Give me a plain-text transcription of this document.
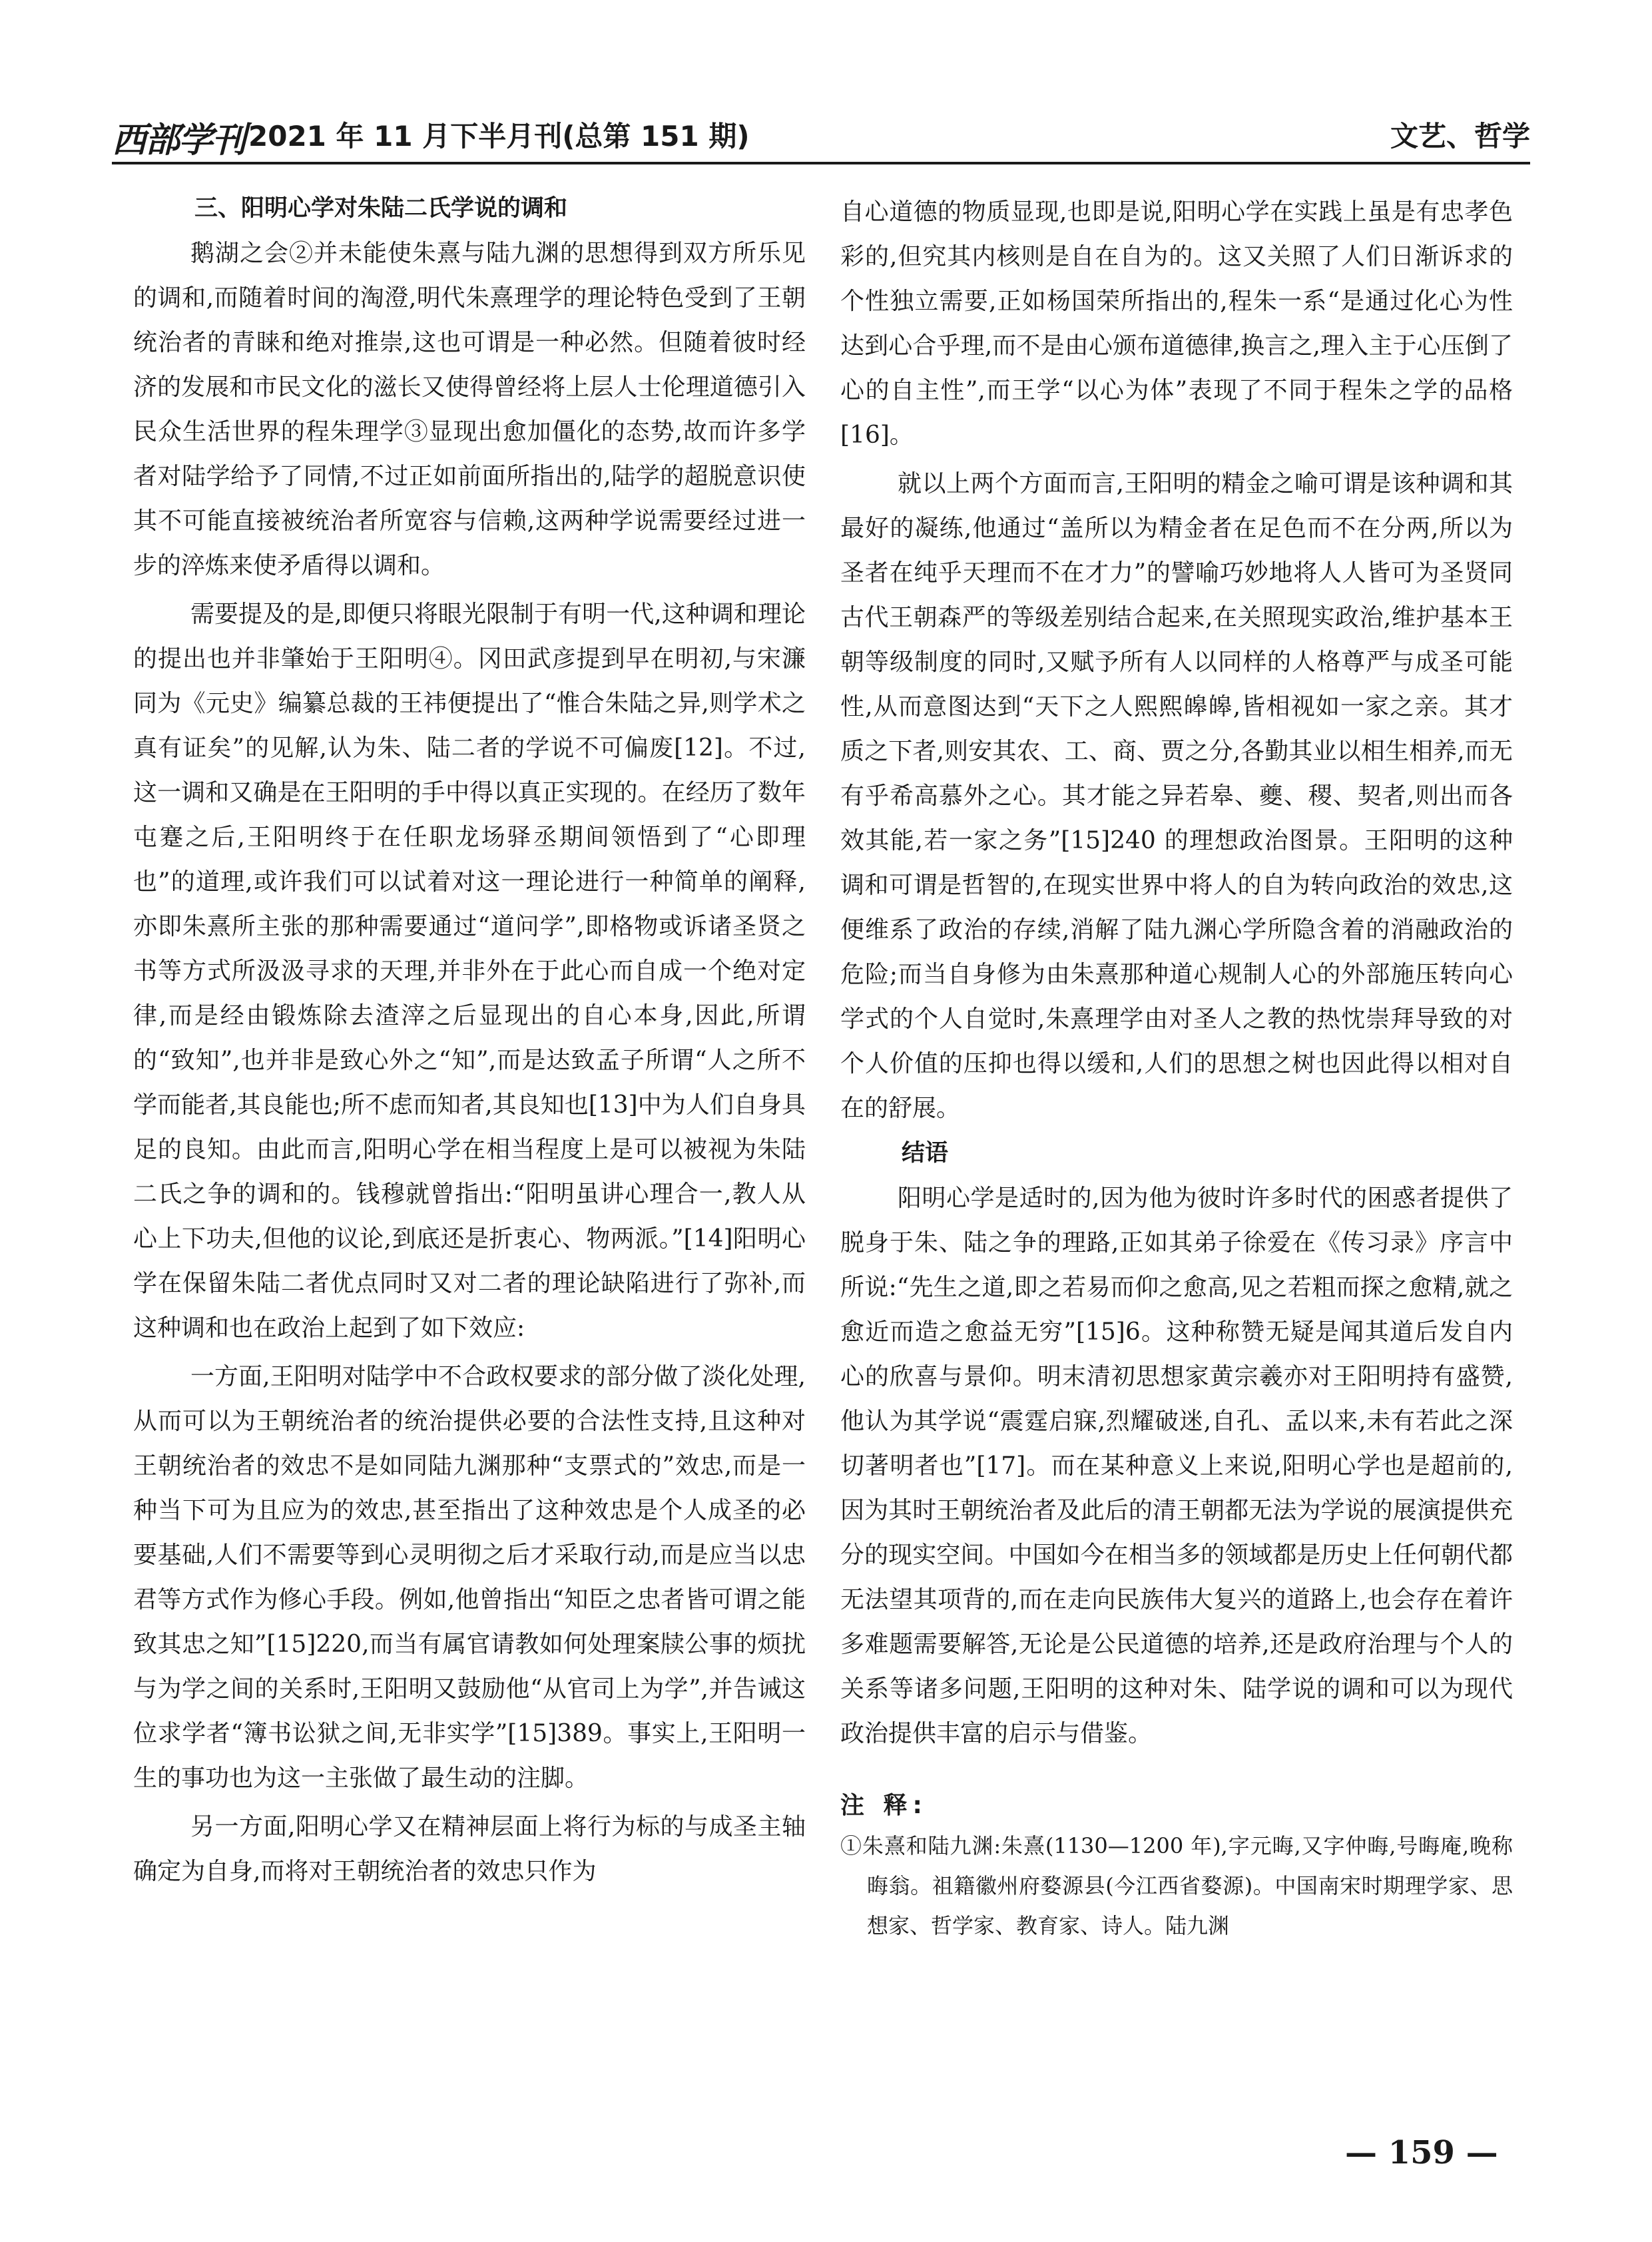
西部学刊 2021 年 11 月下半月刊(总第 151 期)	文艺、哲学

三、阳明心学对朱陆二氏学说的调和

鹅湖之会②并未能使朱熹与陆九渊的思想得到双方所乐见的调和,而随着时间的淘澄,明代朱熹理学的理论特色受到了王朝统治者的青睐和绝对推崇,这也可谓是一种必然。但随着彼时经济的发展和市民文化的滋长又使得曾经将上层人士伦理道德引入民众生活世界的程朱理学③显现出愈加僵化的态势,故而许多学者对陆学给予了同情,不过正如前面所指出的,陆学的超脱意识使其不可能直接被统治者所宽容与信赖,这两种学说需要经过进一步的淬炼来使矛盾得以调和。

需要提及的是,即便只将眼光限制于有明一代,这种调和理论的提出也并非肇始于王阳明④。冈田武彦提到早在明初,与宋濂同为《元史》编纂总裁的王祎便提出了“惟合朱陆之异,则学术之真有证矣”的见解,认为朱、陆二者的学说不可偏废[12]。不过,这一调和又确是在王阳明的手中得以真正实现的。在经历了数年屯蹇之后,王阳明终于在任职龙场驿丞期间领悟到了“心即理也”的道理,或许我们可以试着对这一理论进行一种简单的阐释,亦即朱熹所主张的那种需要通过“道问学”,即格物或诉诸圣贤之书等方式所汲汲寻求的天理,并非外在于此心而自成一个绝对定律,而是经由锻炼除去渣滓之后显现出的自心本身,因此,所谓的“致知”,也并非是致心外之“知”,而是达致孟子所谓“人之所不学而能者,其良能也;所不虑而知者,其良知也[13]中为人们自身具足的良知。由此而言,阳明心学在相当程度上是可以被视为朱陆二氏之争的调和的。钱穆就曾指出:“阳明虽讲心理合一,教人从心上下功夫,但他的议论,到底还是折衷心、物两派。”[14]阳明心学在保留朱陆二者优点同时又对二者的理论缺陷进行了弥补,而这种调和也在政治上起到了如下效应:

一方面,王阳明对陆学中不合政权要求的部分做了淡化处理,从而可以为王朝统治者的统治提供必要的合法性支持,且这种对王朝统治者的效忠不是如同陆九渊那种“支票式的”效忠,而是一种当下可为且应为的效忠,甚至指出了这种效忠是个人成圣的必要基础,人们不需要等到心灵明彻之后才采取行动,而是应当以忠君等方式作为修心手段。例如,他曾指出“知臣之忠者皆可谓之能致其忠之知”[15]220,而当有属官请教如何处理案牍公事的烦扰与为学之间的关系时,王阳明又鼓励他“从官司上为学”,并告诫这位求学者“簿书讼狱之间,无非实学”[15]389。事实上,王阳明一生的事功也为这一主张做了最生动的注脚。

另一方面,阳明心学又在精神层面上将行为标的与成圣主轴确定为自身,而将对王朝统治者的效忠只作为

自心道德的物质显现,也即是说,阳明心学在实践上虽是有忠孝色彩的,但究其内核则是自在自为的。这又关照了人们日渐诉求的个性独立需要,正如杨国荣所指出的,程朱一系“是通过化心为性达到心合乎理,而不是由心颁布道德律,换言之,理入主于心压倒了心的自主性”,而王学“以心为体”表现了不同于程朱之学的品格[16]。

就以上两个方面而言,王阳明的精金之喻可谓是该种调和其最好的凝练,他通过“盖所以为精金者在足色而不在分两,所以为圣者在纯乎天理而不在才力”的譬喻巧妙地将人人皆可为圣贤同古代王朝森严的等级差别结合起来,在关照现实政治,维护基本王朝等级制度的同时,又赋予所有人以同样的人格尊严与成圣可能性,从而意图达到“天下之人熙熙皞皞,皆相视如一家之亲。其才质之下者,则安其农、工、商、贾之分,各勤其业以相生相养,而无有乎希高慕外之心。其才能之异若皋、夔、稷、契者,则出而各效其能,若一家之务”[15]240 的理想政治图景。王阳明的这种调和可谓是哲智的,在现实世界中将人的自为转向政治的效忠,这便维系了政治的存续,消解了陆九渊心学所隐含着的消融政治的危险;而当自身修为由朱熹那种道心规制人心的外部施压转向心学式的个人自觉时,朱熹理学由对圣人之教的热忱崇拜导致的对个人价值的压抑也得以缓和,人们的思想之树也因此得以相对自在的舒展。

结语

阳明心学是适时的,因为他为彼时许多时代的困惑者提供了脱身于朱、陆之争的理路,正如其弟子徐爱在《传习录》序言中所说:“先生之道,即之若易而仰之愈高,见之若粗而探之愈精,就之愈近而造之愈益无穷”[15]6。这种称赞无疑是闻其道后发自内心的欣喜与景仰。明末清初思想家黄宗羲亦对王阳明持有盛赞,他认为其学说“震霆启寐,烈耀破迷,自孔、孟以来,未有若此之深切著明者也”[17]。而在某种意义上来说,阳明心学也是超前的,因为其时王朝统治者及此后的清王朝都无法为学说的展演提供充分的现实空间。中国如今在相当多的领域都是历史上任何朝代都无法望其项背的,而在走向民族伟大复兴的道路上,也会存在着许多难题需要解答,无论是公民道德的培养,还是政府治理与个人的关系等诸多问题,王阳明的这种对朱、陆学说的调和可以为现代政治提供丰富的启示与借鉴。

注 释:

①朱熹和陆九渊:朱熹(1130—1200 年),字元晦,又字仲晦,号晦庵,晚称晦翁。祖籍徽州府婺源县(今江西省婺源)。中国南宋时期理学家、思想家、哲学家、教育家、诗人。陆九渊

— 159 —
